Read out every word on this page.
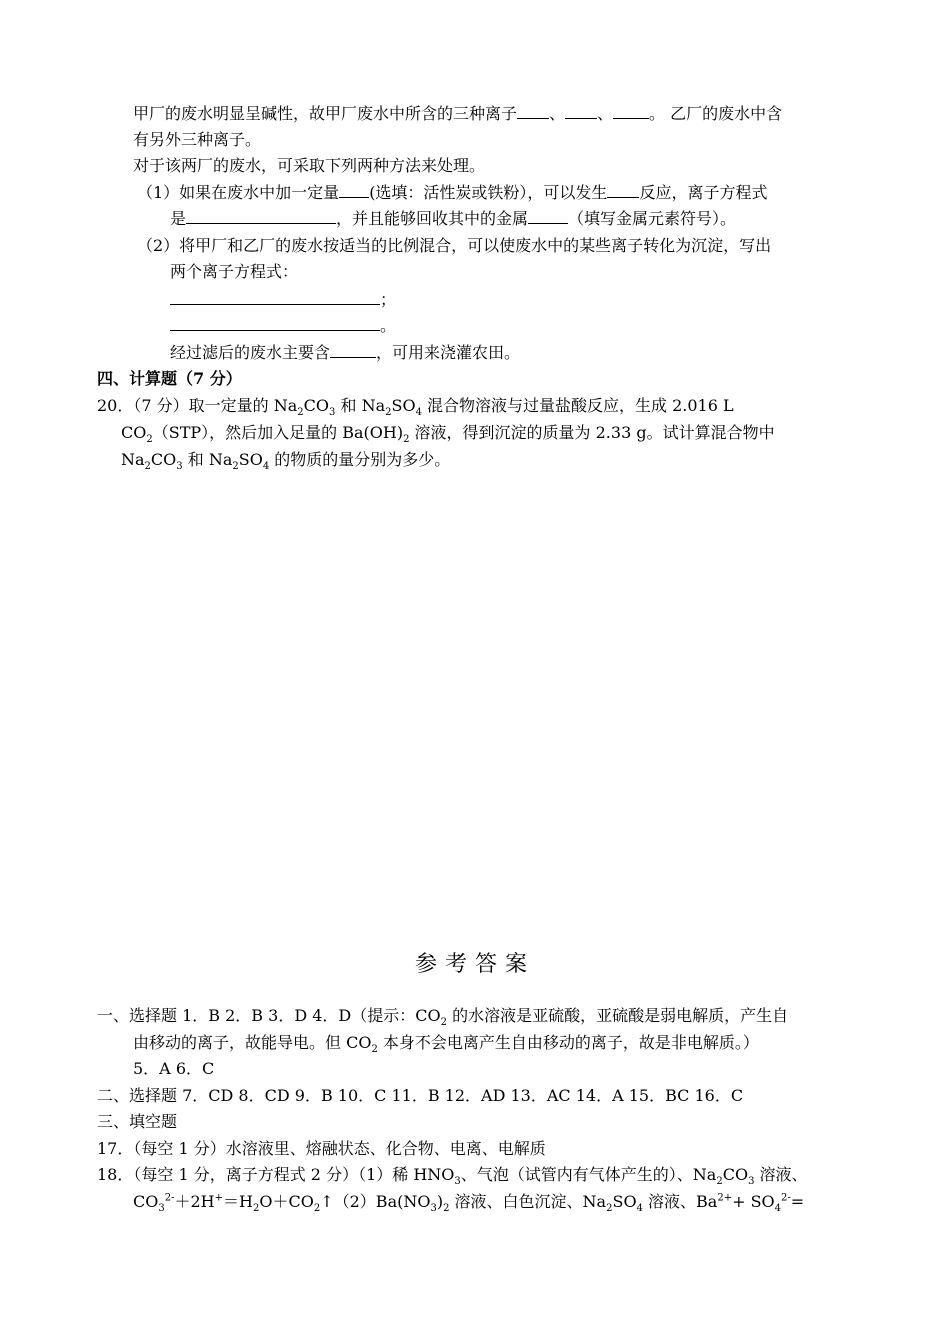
甲厂的废水明显呈碱性，故甲厂废水中所含的三种离子 、 、 。 乙厂的废水中含
有另外三种离子。
对于该两厂的废水，可采取下列两种方法来处理。
（1）如果在废水中加一定量 (选填：活性炭或铁粉），可以发生 反应，离子方程式
是	，并且能够回收其中的金属	（填写金属元素符号）。
（2）将甲厂和乙厂的废水按适当的比例混合，可以使废水中的某些离子转化为沉淀，写出
两个离子方程式：
；
。
经过滤后的废水主要含	，可用来浇灌农田。
四、计算题（7 分）
20．（7 分）取一定量的 $Na_2CO_3$ 和 $Na_2SO_4$ 混合物溶液与过量盐酸反应，生成 2.016 L
$CO_2(STP)$，然后加入足量的 $Ba(OH)_2$ 溶液，得到沉淀的质量为 2.33 g。试计算混合物中
$Na_2CO_3$ 和 $Na_2SO_4$ 的物质的量分别为多少。
参考答案
一、选择题 1．B 2．B 3．D 4．D（提示：$CO_2$ 的水溶液是亚硫酸，亚硫酸是弱电解质，产生自
由移动的离子，故能导电。但 $CO_2$ 本身不会电离产生自由移动的离子，故是非电解质。）
5．A 6．C
二、选择题 7．CD 8．CD 9．B 10．C 11．B 12．AD 13．AC 14．A 15．BC 16．C
三、填空题
17．（每空 1 分）水溶液里、熔融状态、化合物、电离、电解质
18．（每空 1 分，离子方程式 2 分）（1）稀 $HNO_3$、气泡（试管内有气体产生的）、$Na_2CO_3$ 溶液、
$CO_3^{2-}+2H^+=H_2O+CO_2↑(2)Ba(NO_3)_2$ 溶液、白色沉淀、$Na_2SO_4$ 溶液、$Ba^{2+}+ SO_4^{2-}=$
